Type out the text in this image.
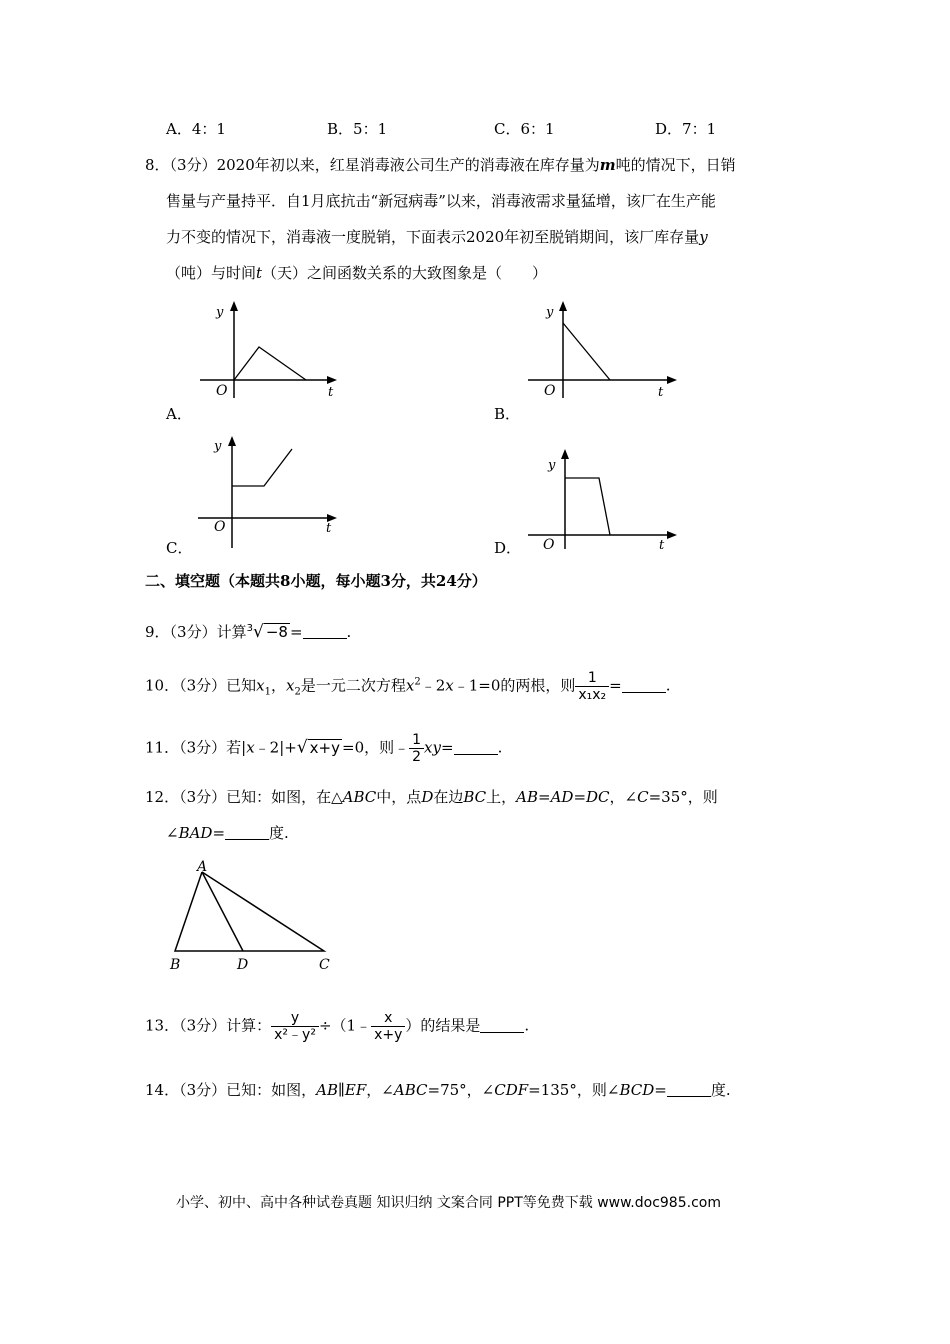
A．4：1	B．5：1	C．6：1	D．7：1
8．（3分）2020年初以来，红星消毒液公司生产的消毒液在库存量为m吨的情况下，日销
售量与产量持平．自1月底抗击“新冠病毒”以来，消毒液需求量猛增，该厂在生产能
力不变的情况下，消毒液一度脱销，下面表示2020年初至脱销期间，该厂库存量y
（吨）与时间t（天）之间函数关系的大致图象是（　　）
y
O	t
A．
y
O	t
B．
y
O	t
C．
y
O	t
D．
二、填空题（本题共8小题，每小题3分，共24分）
9．（3分）计算$^3$√ −8 =	.
10．（3分）已知$x_1$，$x_2$是一元二次方程$x^2﹣2x﹣1=0$的两根，则 $\frac{1}{\text{x₁x₂}}$ =	.
11．（3分）若|x﹣2|+√ x+y =0，则﹣ $\frac{1}{2} xy=$	.
12．（3分）已知：如图，在△ABC中，点D在边BC上，AB=AD=DC，∠C=35°，则
∠BAD=	度.
A
B	D	C
13．（3分）计算： $\frac{y}{\text{x²﹣y²}}$ ÷（1﹣ $\frac{x}{x+y}$ ）的结果是	.
14．（3分）已知：如图，AB∥EF，∠ABC=75°，∠CDF=135°，则∠BCD=	度.
小学、初中、高中各种试卷真题 知识归纳 文案合同 PPT等免费下载 www.doc985.com
